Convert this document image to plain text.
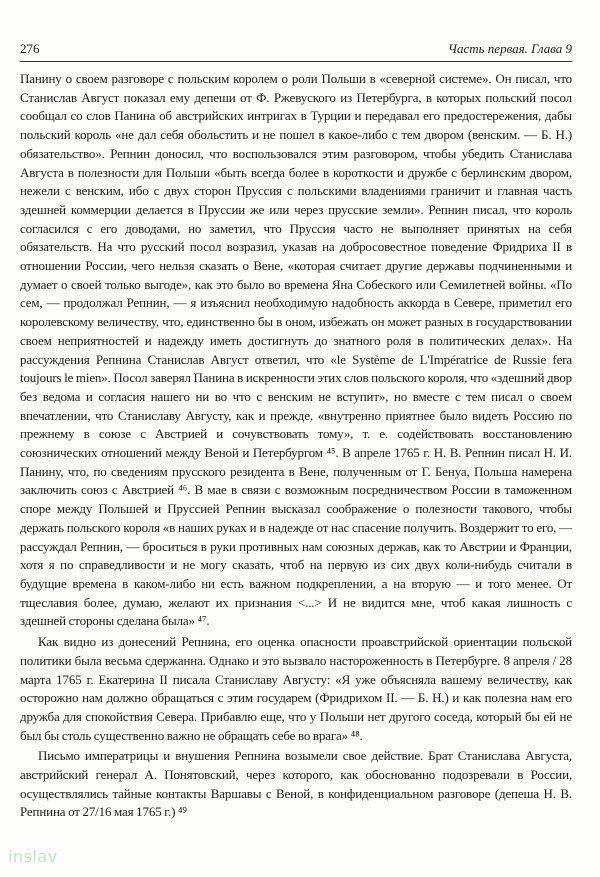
276	Часть первая. Глава 9

Панину о своем разговоре с польским королем о роли Польши в «северной системе». Он писал, что Станислав Август показал ему депеши от Ф. Ржевуского из Петербурга, в которых польский посол сообщал со слов Панина об австрийских интригах в Турции и передавал его предостережения, дабы польский король «не дал себя обольстить и не пошел в какое-либо с тем двором (венским. — Б. Н.) обязательство». Репнин доносил, что воспользовался этим разговором, чтобы убедить Станислава Августа в полезности для Польши «быть всегда более в короткости и дружбе с берлинским двором, нежели с венским, ибо с двух сторон Пруссия с польскими владениями граничит и главная часть здешней коммерции делается в Пруссии же или через прусские земли». Репнин писал, что король согласился с его доводами, но заметил, что Пруссия часто не выполняет принятых на себя обязательств. На что русский посол возразил, указав на добросовестное поведение Фридриха II в отношении России, чего нельзя сказать о Вене, «которая считает другие державы подчиненными и думает о своей только выгоде», как это было во времена Яна Собеского или Семилетней войны. «По сем, — продолжал Репнин, — я изъяснил необходимую надобность аккорда в Севере, приметил его королевскому величеству, что, единственно бы в оном, избежать он может разных в государствовании своем неприятностей и надежду иметь достигнуть до знатного роля в политических делах». На рассуждения Репнина Станислав Август ответил, что «le Système de L'Impératrice de Russie fera toujours le mien». Посол заверял Панина в искренности этих слов польского короля, что «здешний двор без ведома и согласия нашего ни во что с венским не вступит», но вместе с тем писал о своем впечатлении, что Станиславу Августу, как и прежде, «внутренно приятнее было видеть Россию по прежнему в союзе с Австрией и сочувствовать тому», т. е. содействовать восстановлению союзнических отношений между Веной и Петербургом ⁴⁵. В апреле 1765 г. Н. В. Репнин писал Н. И. Панину, что, по сведениям прусского резидента в Вене, полученным от Г. Бенуа, Польша намерена заключить союз с Австрией ⁴⁶. В мае в связи с возможным посредничеством России в таможенном споре между Польшей и Пруссией Репнин высказал соображение о полезности такового, чтобы держать польского короля «в наших руках и в надежде от нас спасение получить. Воздержит то его, — рассуждал Репнин, — броситься в руки противных нам союзных держав, как то Австрии и Франции, хотя я по справедливости и не могу сказать, чтоб на первую из сих двух коли-нибудь считали в будущие времена в каком-либо ни есть важном подкреплении, а на вторую — и того менее. От тщеславия более, думаю, желают их признания <...> И не видится мне, чтоб какая лишность с здешней стороны сделана была» ⁴⁷.

Как видно из донесений Репнина, его оценка опасности проавстрийской ориентации польской политики была весьма сдержанна. Однако и это вызвало настороженность в Петербурге. 8 апреля / 28 марта 1765 г. Екатерина II писала Станиславу Августу: «Я уже объясняла вашему величеству, как осторожно нам должно обращаться с этим государем (Фридрихом II. — Б. Н.) и как полезна нам его дружба для спокойствия Севера. Прибавлю еще, что у Польши нет другого соседа, который бы ей не был бы столь существенно важно не обращать себе во врага» ⁴⁸.

Письмо императрицы и внушения Репнина возымели свое действие. Брат Станислава Августа, австрийский генерал А. Понятовский, через которого, как обоснованно подозревали в России, осуществлялись тайные контакты Варшавы с Веной, в конфиденциальном разговоре (депеша Н. В. Репнина от 27/16 мая 1765 г.) ⁴⁹

inslav
